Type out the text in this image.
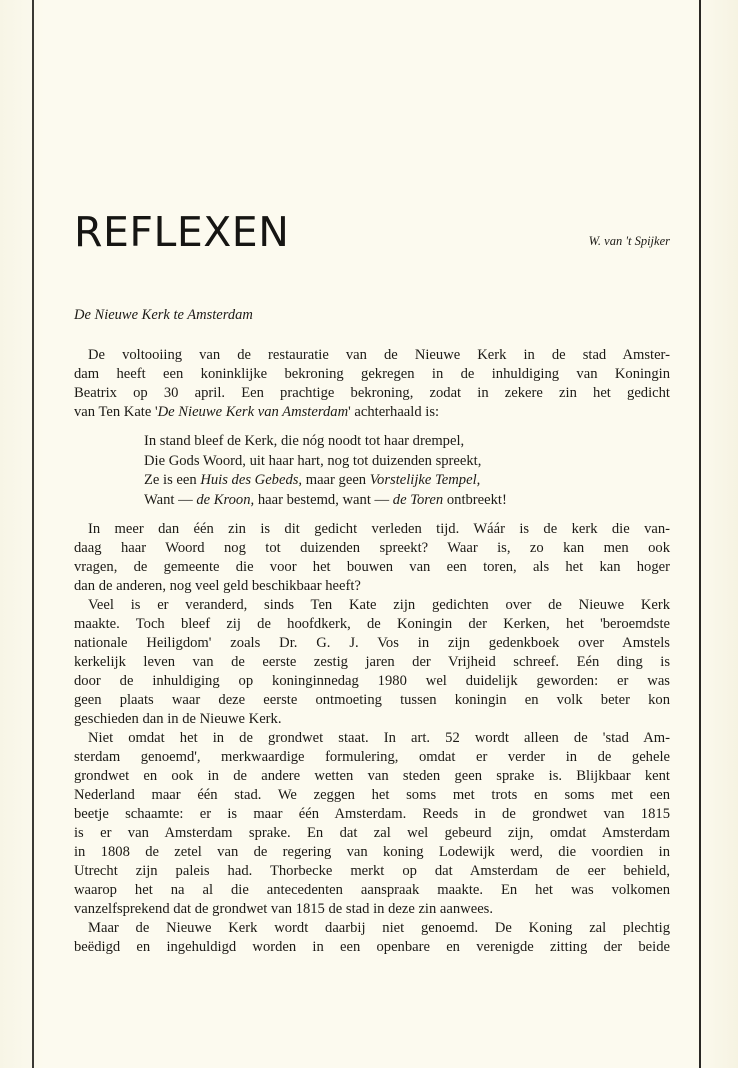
REFLEXEN	W. van 't Spijker
De Nieuwe Kerk te Amsterdam
De voltooiing van de restauratie van de Nieuwe Kerk in de stad Amster-
dam heeft een koninklijke bekroning gekregen in de inhuldiging van Koningin
Beatrix op 30 april. Een prachtige bekroning, zodat in zekere zin het gedicht
van Ten Kate 'De Nieuwe Kerk van Amsterdam' achterhaald is:
In stand bleef de Kerk, die nóg noodt tot haar drempel,
Die Gods Woord, uit haar hart, nog tot duizenden spreekt,
Ze is een Huis des Gebeds, maar geen Vorstelijke Tempel,
Want — de Kroon, haar bestemd, want — de Toren ontbreekt!
In meer dan één zin is dit gedicht verleden tijd. Wáár is de kerk die van-
daag haar Woord nog tot duizenden spreekt? Waar is, zo kan men ook
vragen, de gemeente die voor het bouwen van een toren, als het kan hoger
dan de anderen, nog veel geld beschikbaar heeft?
Veel is er veranderd, sinds Ten Kate zijn gedichten over de Nieuwe Kerk
maakte. Toch bleef zij de hoofdkerk, de Koningin der Kerken, het 'beroemdste
nationale Heiligdom' zoals Dr. G. J. Vos in zijn gedenkboek over Amstels
kerkelijk leven van de eerste zestig jaren der Vrijheid schreef. Eén ding is
door de inhuldiging op koninginnedag 1980 wel duidelijk geworden: er was
geen plaats waar deze eerste ontmoeting tussen koningin en volk beter kon
geschieden dan in de Nieuwe Kerk.
Niet omdat het in de grondwet staat. In art. 52 wordt alleen de 'stad Am-
sterdam genoemd', merkwaardige formulering, omdat er verder in de gehele
grondwet en ook in de andere wetten van steden geen sprake is. Blijkbaar kent
Nederland maar één stad. We zeggen het soms met trots en soms met een
beetje schaamte: er is maar één Amsterdam. Reeds in de grondwet van 1815
is er van Amsterdam sprake. En dat zal wel gebeurd zijn, omdat Amsterdam
in 1808 de zetel van de regering van koning Lodewijk werd, die voordien in
Utrecht zijn paleis had. Thorbecke merkt op dat Amsterdam de eer behield,
waarop het na al die antecedenten aanspraak maakte. En het was volkomen
vanzelfsprekend dat de grondwet van 1815 de stad in deze zin aanwees.
Maar de Nieuwe Kerk wordt daarbij niet genoemd. De Koning zal plechtig
beëdigd en ingehuldigd worden in een openbare en verenigde zitting der beide
